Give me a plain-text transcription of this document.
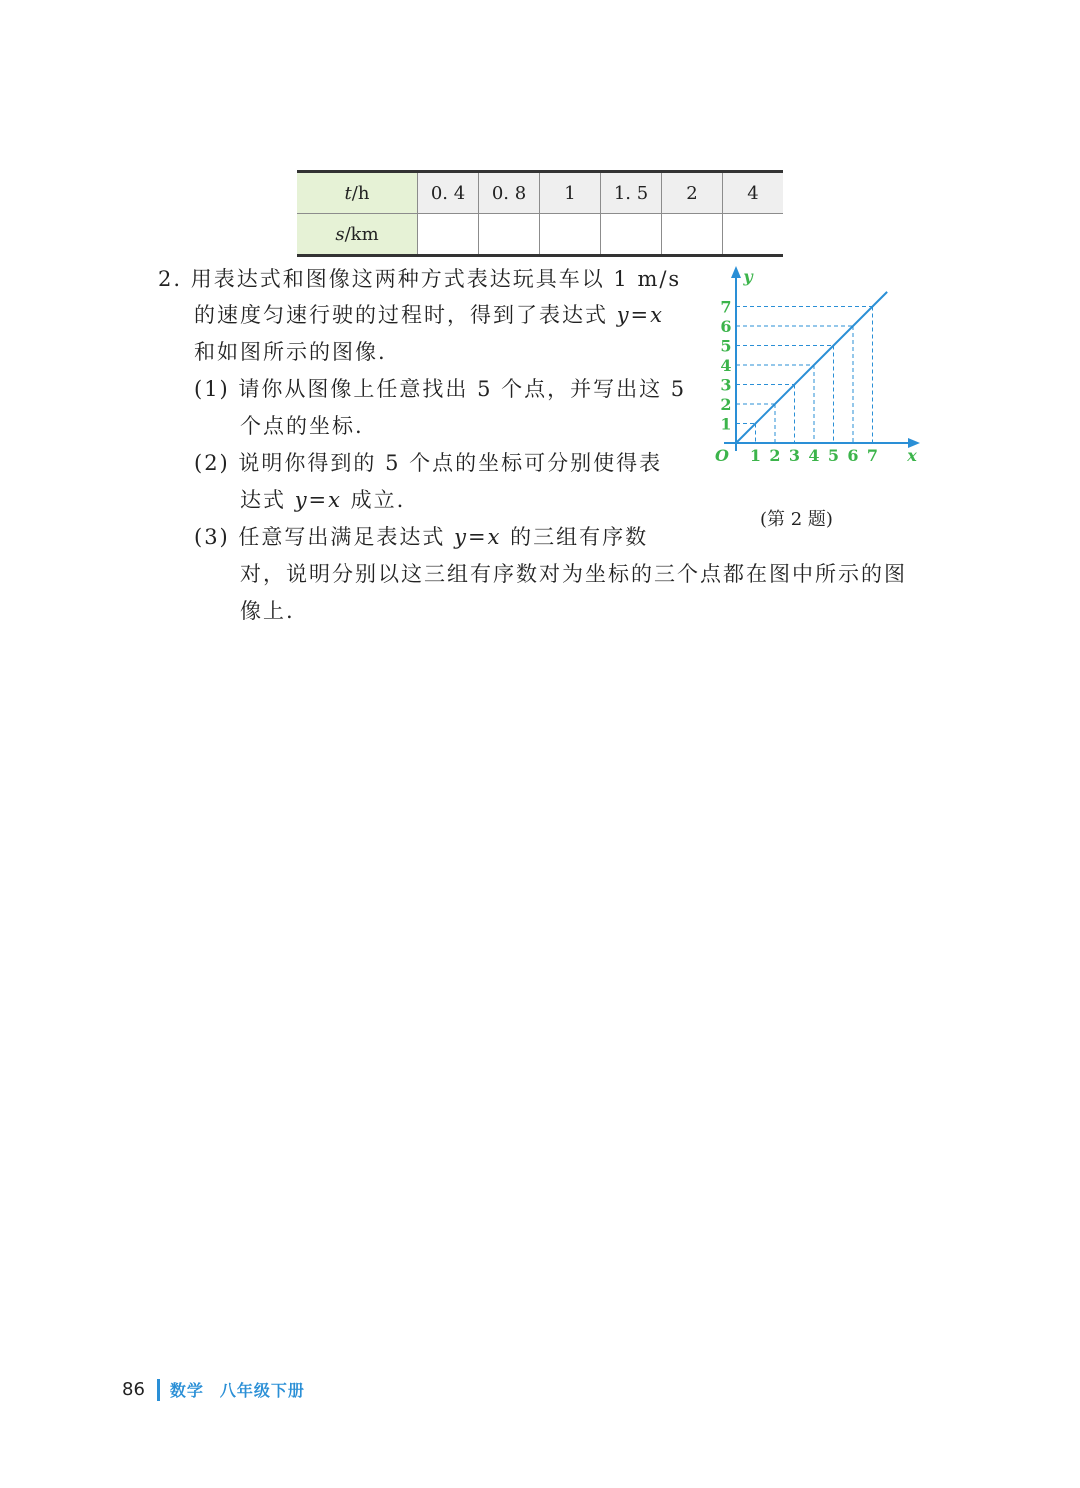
t/h	0. 4	0. 8	1	1. 5	2	4
s/km						
2. 用表达式和图像这两种方式表达玩具车以 1 m/s
的速度匀速行驶的过程时，得到了表达式 y=x
和如图所示的图像.
(1) 请你从图像上任意找出 5 个点，并写出这 5
个点的坐标.
(2) 说明你得到的 5 个点的坐标可分别使得表
达式 y=x 成立.
(3) 任意写出满足表达式 y=x 的三组有序数
对，说明分别以这三组有序数对为坐标的三个点都在图中所示的图
像上.
1
1
2
2
3
3
4
4
5
5
6
6
7
7
O	x
y
(第 2 题)
86 数学 八年级下册
